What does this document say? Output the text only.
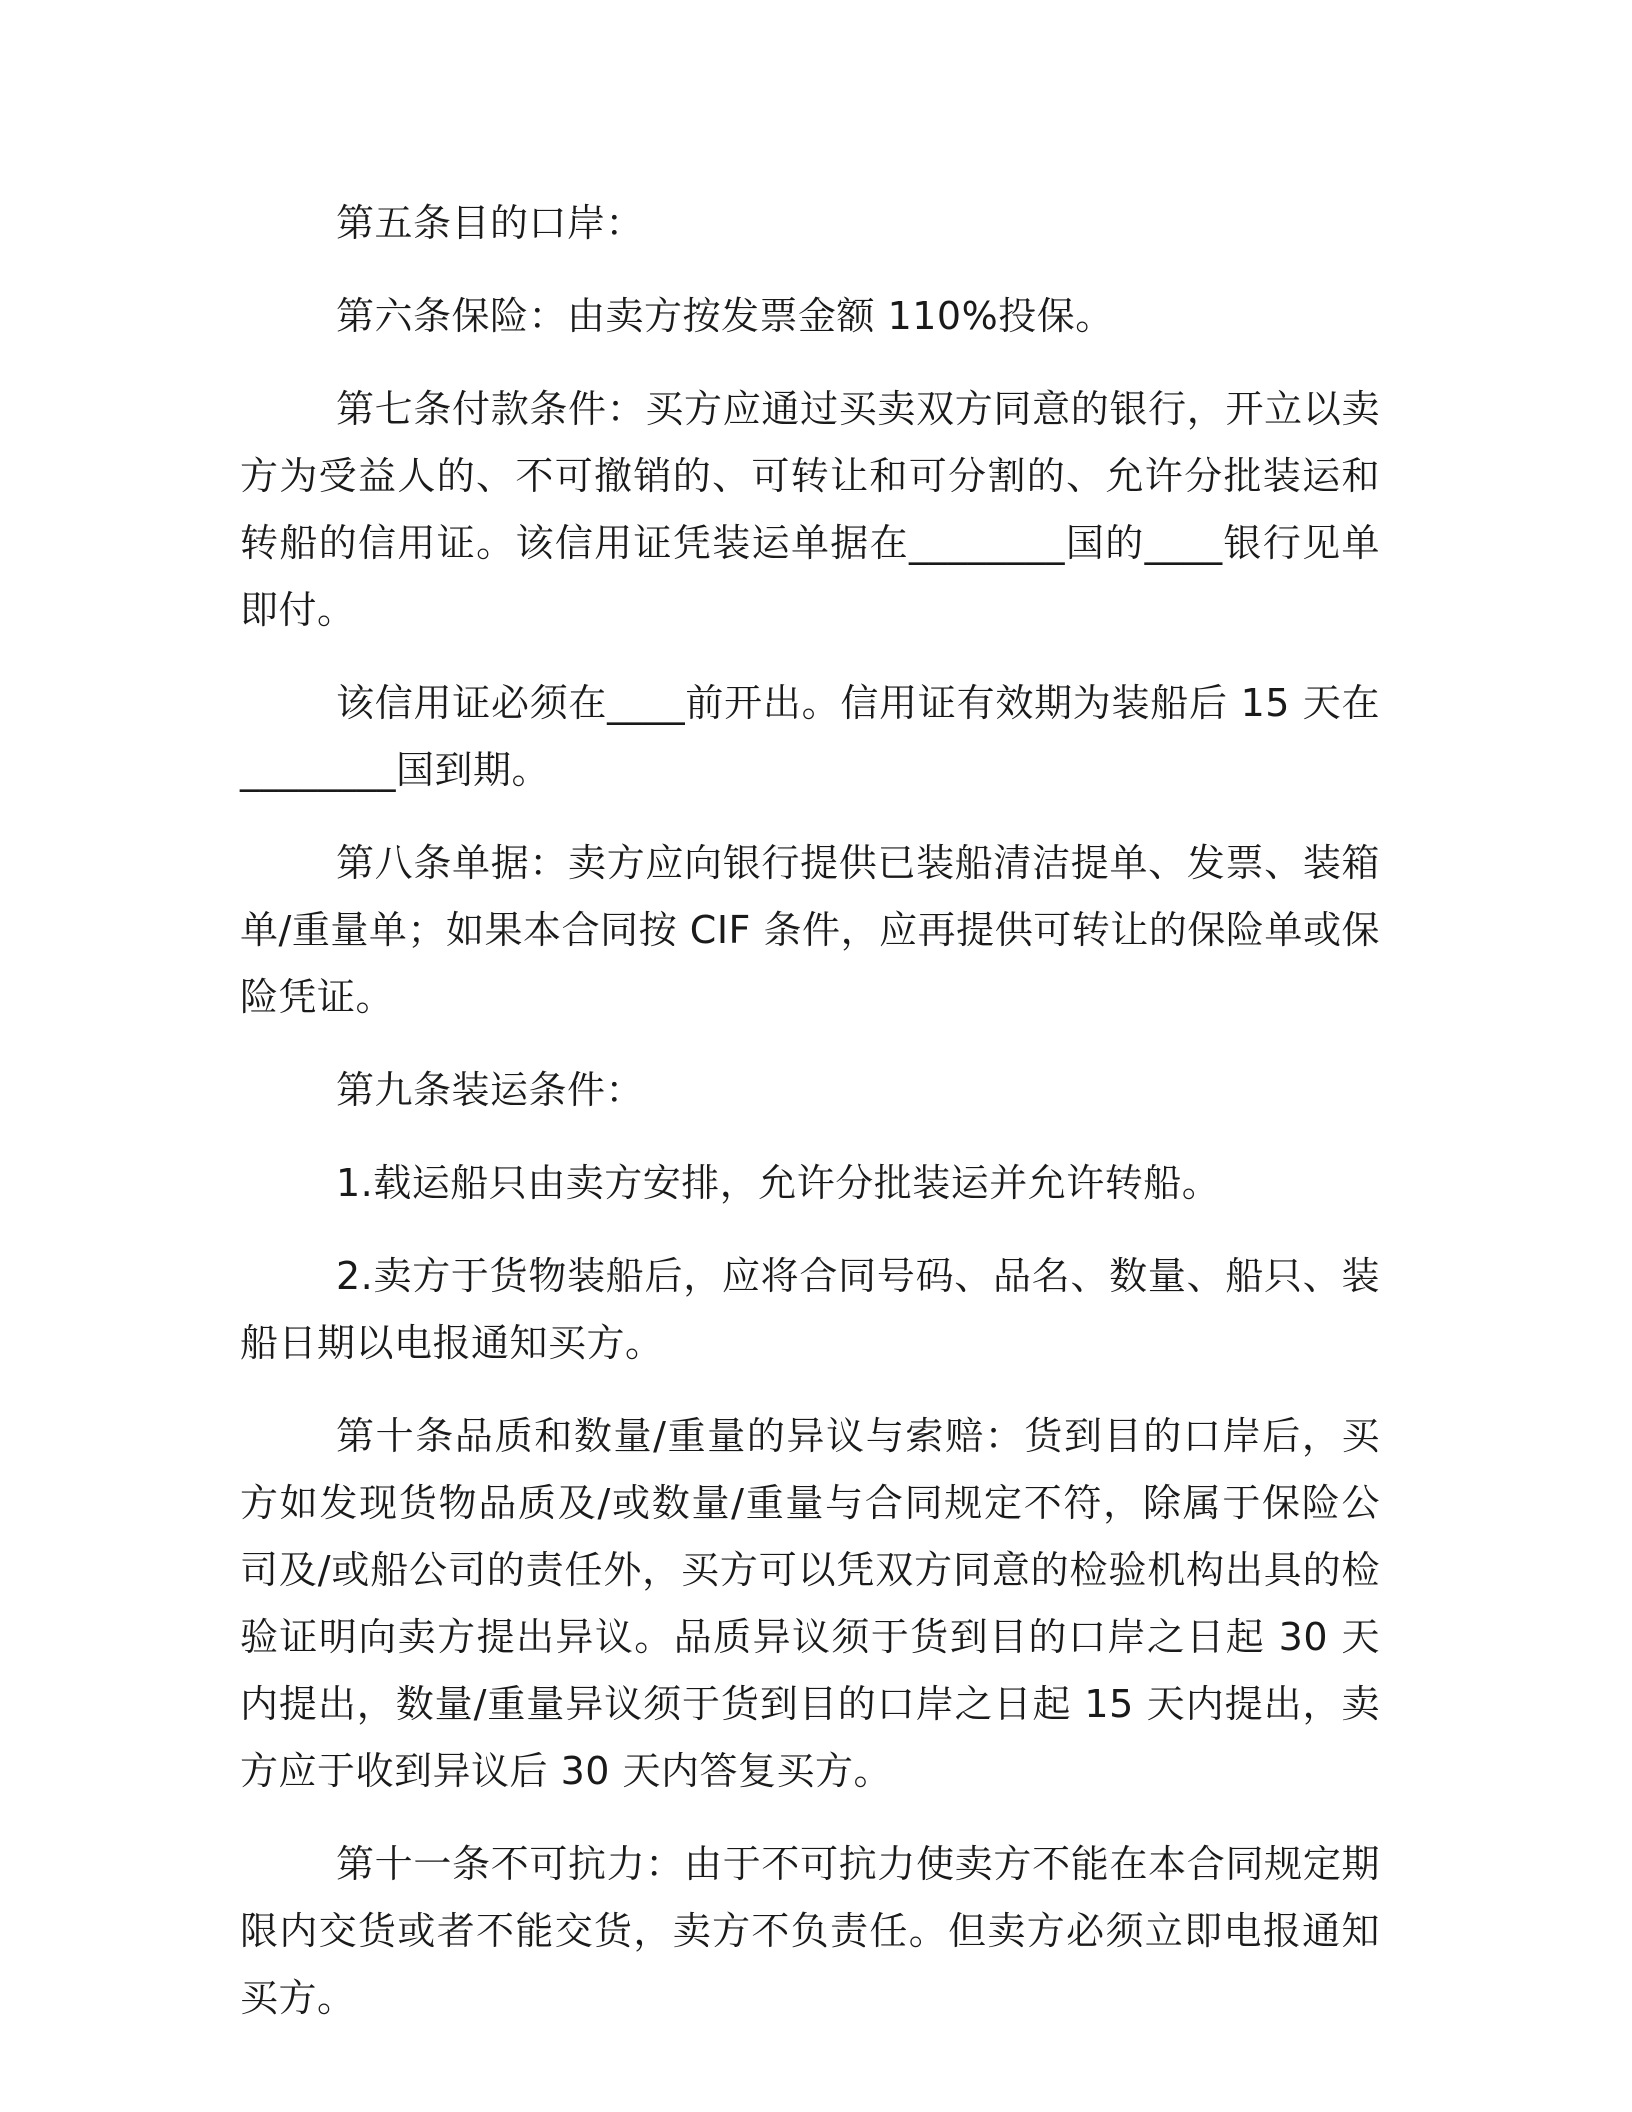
第五条目的口岸：

第六条保险：由卖方按发票金额 110%投保。

第七条付款条件：买方应通过买卖双方同意的银行，开立以卖方为受益人的、不可撤销的、可转让和可分割的、允许分批装运和转船的信用证。该信用证凭装运单据在________国的____银行见单即付。

该信用证必须在____前开出。信用证有效期为装船后 15 天在________国到期。

第八条单据：卖方应向银行提供已装船清洁提单、发票、装箱单/重量单；如果本合同按 CIF 条件，应再提供可转让的保险单或保险凭证。

第九条装运条件：

1.载运船只由卖方安排，允许分批装运并允许转船。

2.卖方于货物装船后，应将合同号码、品名、数量、船只、装船日期以电报通知买方。

第十条品质和数量/重量的异议与索赔：货到目的口岸后，买方如发现货物品质及/或数量/重量与合同规定不符，除属于保险公司及/或船公司的责任外，买方可以凭双方同意的检验机构出具的检验证明向卖方提出异议。品质异议须于货到目的口岸之日起 30 天内提出，数量/重量异议须于货到目的口岸之日起 15 天内提出，卖方应于收到异议后 30 天内答复买方。

第十一条不可抗力：由于不可抗力使卖方不能在本合同规定期限内交货或者不能交货，卖方不负责任。但卖方必须立即电报通知买方。
